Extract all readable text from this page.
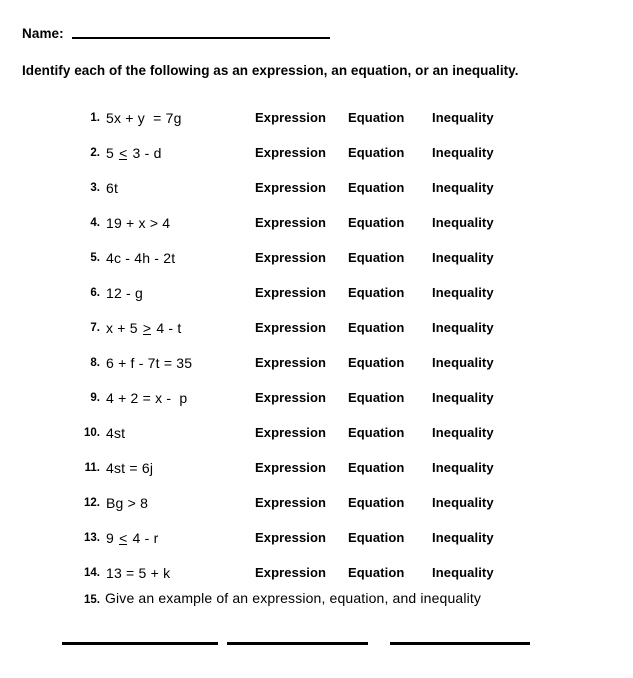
Name:
Identify each of the following as an expression, an equation, or an inequality.
1. 5x + y  = 7g	Expression	Equation	Inequality
2. 5 < 3 - d	Expression	Equation	Inequality
3. 6t	Expression	Equation	Inequality
4. 19 + x > 4	Expression	Equation	Inequality
5. 4c - 4h - 2t	Expression	Equation	Inequality
6. 12 - g	Expression	Equation	Inequality
7. x + 5 > 4 - t	Expression	Equation	Inequality
8. 6 + f - 7t = 35	Expression	Equation	Inequality
9. 4 + 2 = x -  p	Expression	Equation	Inequality
10. 4st	Expression	Equation	Inequality
11. 4st = 6j	Expression	Equation	Inequality
12. Bg > 8	Expression	Equation	Inequality
13. 9 < 4 - r	Expression	Equation	Inequality
14. 13 = 5 + k	Expression	Equation	Inequality
15. Give an example of an expression, equation, and inequality
